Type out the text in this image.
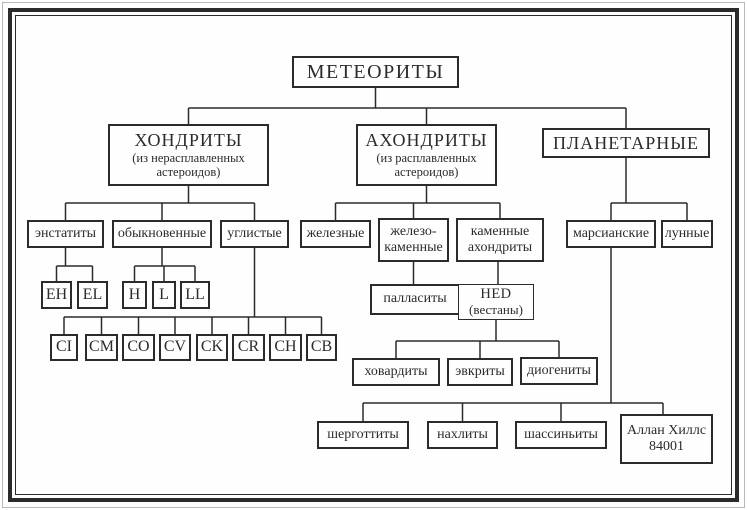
МЕТЕОРИТЫ
ХОНДРИТЫ
(из нерасплавленных астероидов)
АХОНДРИТЫ
(из расплавленных астероидов)
ПЛАНЕТАРНЫЕ
энстатиты	обыкновенные	углистые	железные	железо-каменные
каменные ахондриты
марсианские	лунные
EH EL	H	L	LL	палласиты	HED
(вестаны)
CI	CM CO CV CK CR CH CB
ховардиты	эвкриты	диогениты
шерготтиты	нахлиты	шассиньиты	Аллан Хиллс
84001
